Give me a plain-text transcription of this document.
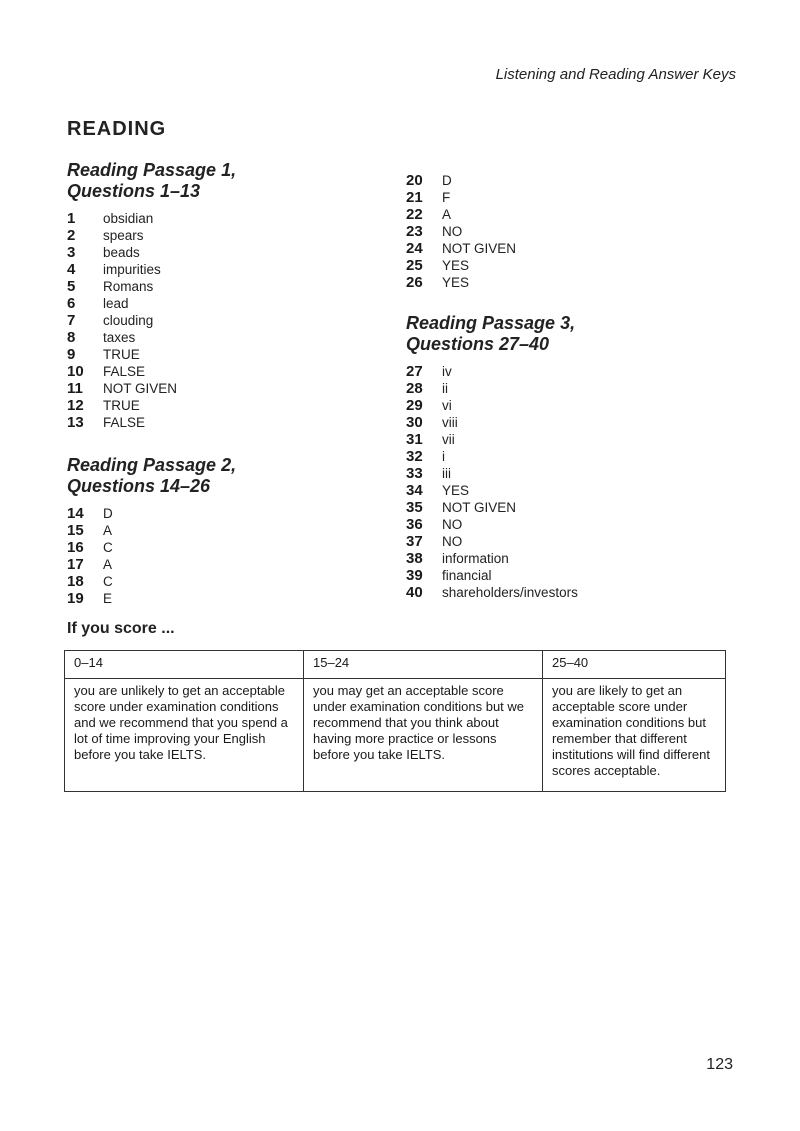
Listening and Reading Answer Keys
READING
Reading Passage 1,
Questions 1–13
1	obsidian
2	spears
3	beads
4	impurities
5	Romans
6	lead
7	clouding
8	taxes
9	TRUE
10	FALSE
11	NOT GIVEN
12	TRUE
13	FALSE
Reading Passage 2,
Questions 14–26
14	D
15	A
16	C
17	A
18	C
19	E
20	D
21	F
22	A
23	NO
24	NOT GIVEN
25	YES
26	YES
Reading Passage 3,
Questions 27–40
27	iv
28	ii
29	vi
30	viii
31	vii
32	i
33	iii
34	YES
35	NOT GIVEN
36	NO
37	NO
38	information
39	financial
40	shareholders/investors
If you score ...
0–14	15–24	25–40
you are unlikely to get an acceptable score under examination conditions and we recommend that you spend a lot of time improving your English before you take IELTS.	you may get an acceptable score under examination conditions but we recommend that you think about having more practice or lessons before you take IELTS.	you are likely to get an acceptable score under examination conditions but remember that different institutions will find different scores acceptable.
123
